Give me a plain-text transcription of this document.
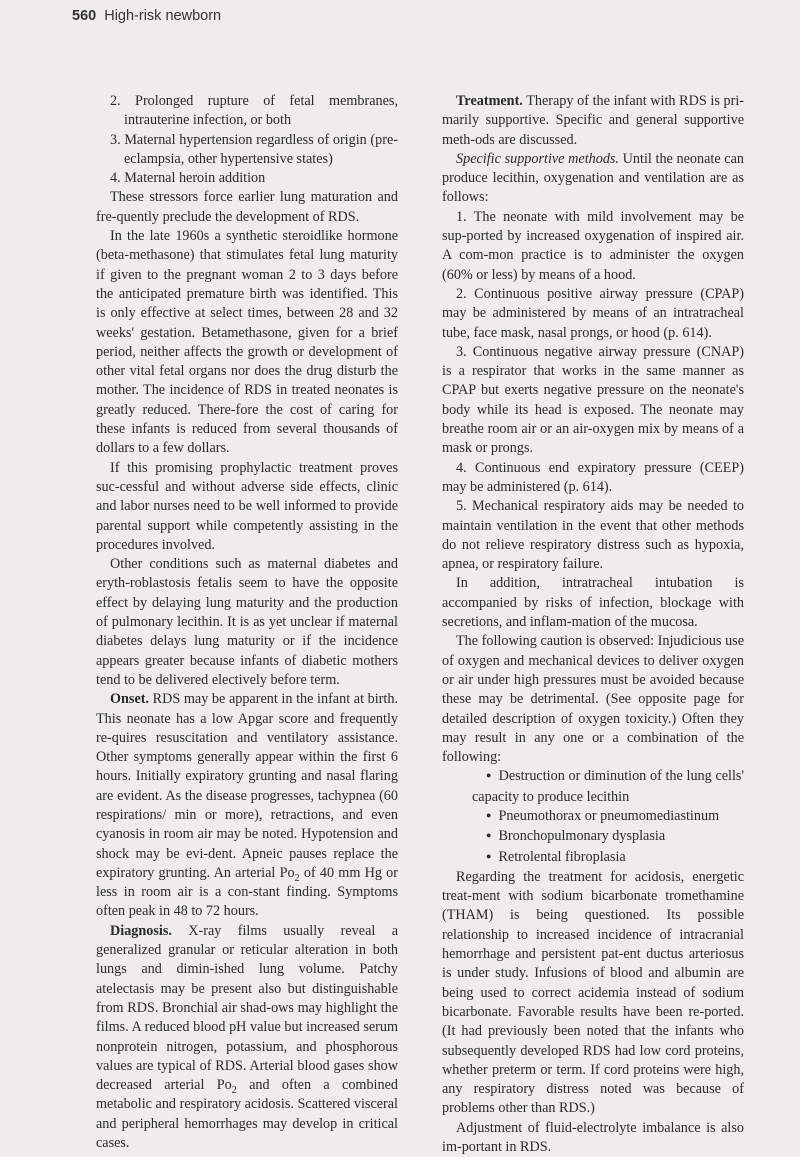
560 High-risk newborn

2. Prolonged rupture of fetal membranes, intrauterine infection, or both

3. Maternal hypertension regardless of origin (pre-eclampsia, other hypertensive states)

4. Maternal heroin addition

These stressors force earlier lung maturation and fre-quently preclude the development of RDS.

In the late 1960s a synthetic steroidlike hormone (beta-methasone) that stimulates fetal lung maturity if given to the pregnant woman 2 to 3 days before the anticipated premature birth was identified. This is only effective at select times, between 28 and 32 weeks' gestation. Betamethasone, given for a brief period, neither affects the growth or development of other vital fetal organs nor does the drug disturb the mother. The incidence of RDS in treated neonates is greatly reduced. There-fore the cost of caring for these infants is reduced from several thousands of dollars to a few dollars.

If this promising prophylactic treatment proves suc-cessful and without adverse side effects, clinic and labor nurses need to be well informed to provide parental support while competently assisting in the procedures involved.

Other conditions such as maternal diabetes and eryth-roblastosis fetalis seem to have the opposite effect by delaying lung maturity and the production of pulmonary lecithin. It is as yet unclear if maternal diabetes delays lung maturity or if the incidence appears greater because infants of diabetic mothers tend to be delivered electively before term.

Onset. RDS may be apparent in the infant at birth. This neonate has a low Apgar score and frequently re-quires resuscitation and ventilatory assistance. Other symptoms generally appear within the first 6 hours. Initially expiratory grunting and nasal flaring are evident. As the disease progresses, tachypnea (60 respirations/ min or more), retractions, and even cyanosis in room air may be noted. Hypotension and shock may be evi-dent. Apneic pauses replace the expiratory grunting. An arterial $Po_2$ of 40 mm Hg or less in room air is a con-stant finding. Symptoms often peak in 48 to 72 hours.

Diagnosis. X-ray films usually reveal a generalized granular or reticular alteration in both lungs and dimin-ished lung volume. Patchy atelectasis may be present also but distinguishable from RDS. Bronchial air shad-ows may highlight the films. A reduced blood pH value but increased serum nonprotein nitrogen, potassium, and phosphorous values are typical of RDS. Arterial blood gases show decreased arterial $Po_2$ and often a combined metabolic and respiratory acidosis. Scattered visceral and peripheral hemorrhages may develop in critical cases.

Treatment. Therapy of the infant with RDS is pri-marily supportive. Specific and general supportive meth-ods are discussed.

Specific supportive methods. Until the neonate can produce lecithin, oxygenation and ventilation are as follows:

1. The neonate with mild involvement may be sup-ported by increased oxygenation of inspired air. A com-mon practice is to administer the oxygen (60% or less) by means of a hood.

2. Continuous positive airway pressure (CPAP) may be administered by means of an intratracheal tube, face mask, nasal prongs, or hood (p. 614).

3. Continuous negative airway pressure (CNAP) is a respirator that works in the same manner as CPAP but exerts negative pressure on the neonate's body while its head is exposed. The neonate may breathe room air or an air-oxygen mix by means of a mask or prongs.

4. Continuous end expiratory pressure (CEEP) may be administered (p. 614).

5. Mechanical respiratory aids may be needed to maintain ventilation in the event that other methods do not relieve respiratory distress such as hypoxia, apnea, or respiratory failure.

In addition, intratracheal intubation is accompanied by risks of infection, blockage with secretions, and inflam-mation of the mucosa.

The following caution is observed: Injudicious use of oxygen and mechanical devices to deliver oxygen or air under high pressures must be avoided because these may be detrimental. (See opposite page for detailed description of oxygen toxicity.) Often they may result in any one or a combination of the following:

● Destruction or diminution of the lung cells' capacity to produce lecithin

● Pneumothorax or pneumomediastinum

● Bronchopulmonary dysplasia

● Retrolental fibroplasia

Regarding the treatment for acidosis, energetic treat-ment with sodium bicarbonate tromethamine (THAM) is being questioned. Its possible relationship to increased incidence of intracranial hemorrhage and persistent pat-ent ductus arteriosus is under study. Infusions of blood and albumin are being used to correct acidemia instead of sodium bicarbonate. Favorable results have been re-ported. (It had previously been noted that the infants who subsequently developed RDS had low cord proteins, whether preterm or term. If cord proteins were high, any respiratory distress noted was because of problems other than RDS.)

Adjustment of fluid-electrolyte imbalance is also im-portant in RDS.
